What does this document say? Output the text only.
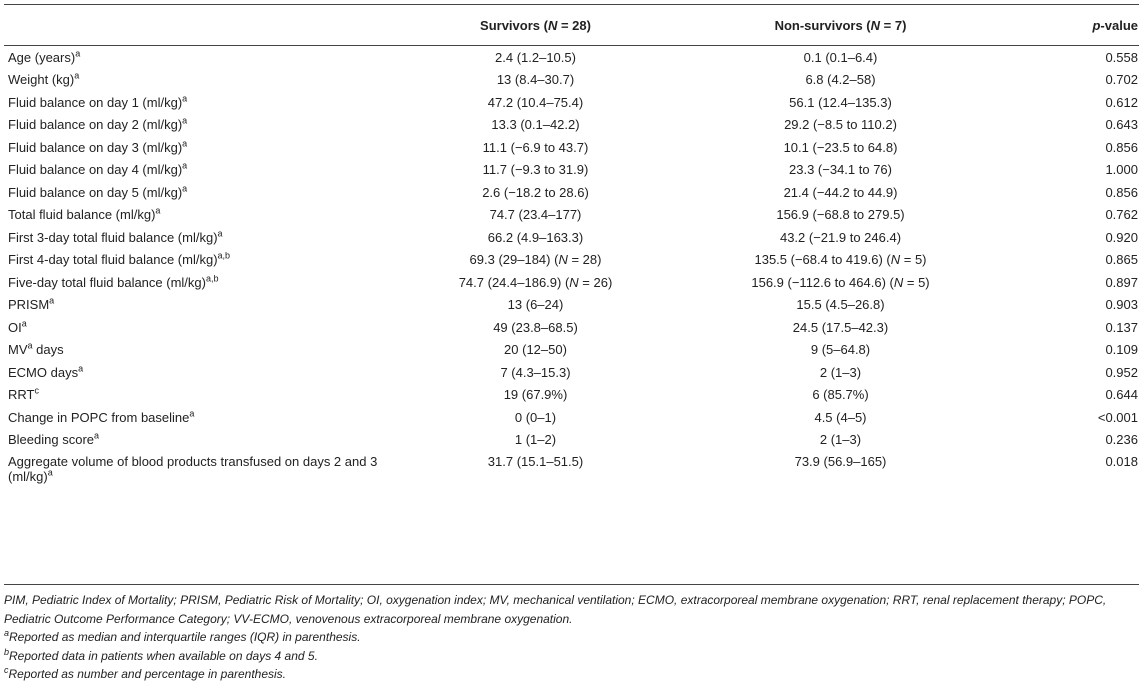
	Survivors (N = 28)	Non-survivors (N = 7)	p-value
Age (years)$^a$	2.4 (1.2–10.5)	0.1 (0.1–6.4)	0.558
Weight (kg)$^a$	13 (8.4–30.7)	6.8 (4.2–58)	0.702
Fluid balance on day 1 $(ml/kg)^a$	47.2 (10.4–75.4)	56.1 (12.4–135.3)	0.612
Fluid balance on day 2 $(ml/kg)^a$	13.3 (0.1–42.2)	29.2 (−8.5 to 110.2)	0.643
Fluid balance on day 3 $(ml/kg)^a$	11.1 (−6.9 to 43.7)	10.1 (−23.5 to 64.8)	0.856
Fluid balance on day 4 $(ml/kg)^a$	11.7 (−9.3 to 31.9)	23.3 (−34.1 to 76)	1.000
Fluid balance on day 5 $(ml/kg)^a$	2.6 (−18.2 to 28.6)	21.4 (−44.2 to 44.9)	0.856
Total fluid balance $(ml/kg)^a$	74.7 (23.4–177)	156.9 (−68.8 to 279.5)	0.762
First 3-day total fluid balance $(ml/kg)^a$	66.2 (4.9–163.3)	43.2 (−21.9 to 246.4)	0.920
First 4-day total fluid balance $(ml/kg)^{a,b}$	69.3 (29–184) (N = 28)	135.5 (−68.4 to 419.6) (N = 5)	0.865
Five-day total fluid balance $(ml/kg)^{a,b}$	74.7 (24.4–186.9) (N = 26)	156.9 (−112.6 to 464.6) (N = 5)	0.897
PRISM$^a$	13 (6–24)	15.5 (4.5–26.8)	0.903
$OI^a$	49 (23.8–68.5)	24.5 (17.5–42.3)	0.137
$MV^a$ days	20 (12–50)	9 (5–64.8)	0.109
ECMO days$^a$	7 (4.3–15.3)	2 (1–3)	0.952
RRT$^c$	19 (67.9%)	6 (85.7%)	0.644
Change in POPC from baseline$^a$	0 (0–1)	4.5 (4–5)	<0.001
Bleeding score$^a$	1 (1–2)	2 (1–3)	0.236
Aggregate volume of blood products transfused on days 2 and 3 $(ml/kg)^a$	31.7 (15.1–51.5)	73.9 (56.9–165)	0.018

PIM, Pediatric Index of Mortality; PRISM, Pediatric Risk of Mortality; OI, oxygenation index; MV, mechanical ventilation; ECMO, extracorporeal membrane oxygenation; RRT, renal replacement therapy; POPC, Pediatric Outcome Performance Category; VV-ECMO, venovenous extracorporeal membrane oxygenation.

$^a$Reported as median and interquartile ranges (IQR) in parenthesis.

$^b$Reported data in patients when available on days 4 and 5.

$^c$Reported as number and percentage in parenthesis.
